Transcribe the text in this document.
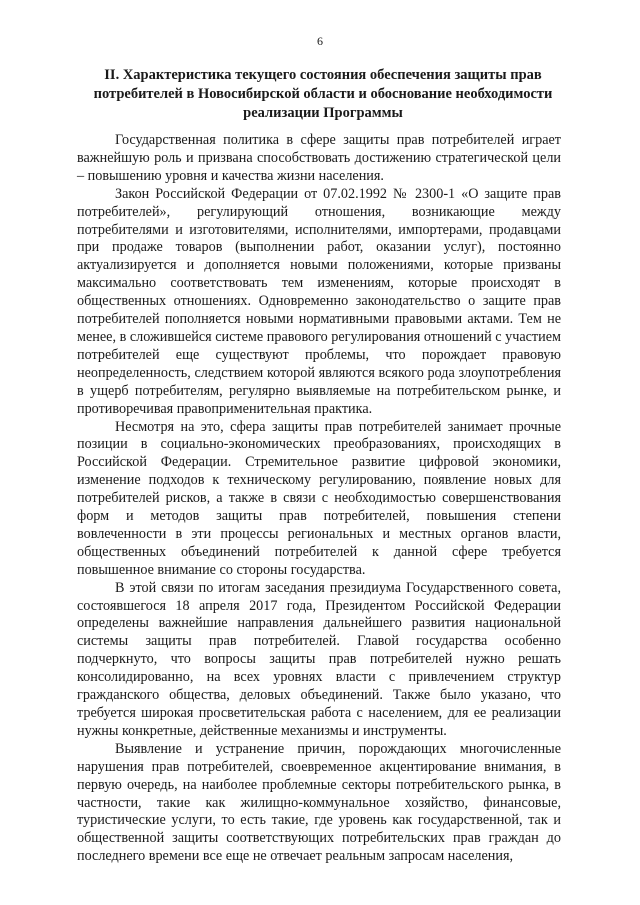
6
II. Характеристика текущего состояния обеспечения защиты прав потребителей в Новосибирской области и обоснование необходимости реализации Программы

Государственная политика в сфере защиты прав потребителей играет важнейшую роль и призвана способствовать достижению стратегической цели – повышению уровня и качества жизни населения.

Закон Российской Федерации от 07.02.1992 № 2300-1 «О защите прав потребителей», регулирующий отношения, возникающие между потребителями и изготовителями, исполнителями, импортерами, продавцами при продаже товаров (выполнении работ, оказании услуг), постоянно актуализируется и дополняется новыми положениями, которые призваны максимально соответствовать тем изменениям, которые происходят в общественных отношениях. Одновременно законодательство о защите прав потребителей пополняется новыми нормативными правовыми актами. Тем не менее, в сложившейся системе правового регулирования отношений с участием потребителей еще существуют проблемы, что порождает правовую неопределенность, следствием которой являются всякого рода злоупотребления в ущерб потребителям, регулярно выявляемые на потребительском рынке, и противоречивая правоприменительная практика.

Несмотря на это, сфера защиты прав потребителей занимает прочные позиции в социально-экономических преобразованиях, происходящих в Российской Федерации. Стремительное развитие цифровой экономики, изменение подходов к техническому регулированию, появление новых для потребителей рисков, а также в связи с необходимостью совершенствования форм и методов защиты прав потребителей, повышения степени вовлеченности в эти процессы региональных и местных органов власти, общественных объединений потребителей к данной сфере требуется повышенное внимание со стороны государства.

В этой связи по итогам заседания президиума Государственного совета, состоявшегося 18 апреля 2017 года, Президентом Российской Федерации определены важнейшие направления дальнейшего развития национальной системы защиты прав потребителей. Главой государства особенно подчеркнуто, что вопросы защиты прав потребителей нужно решать консолидированно, на всех уровнях власти с привлечением структур гражданского общества, деловых объединений. Также было указано, что требуется широкая просветительская работа с населением, для ее реализации нужны конкретные, действенные механизмы и инструменты.

Выявление и устранение причин, порождающих многочисленные нарушения прав потребителей, своевременное акцентирование внимания, в первую очередь, на наиболее проблемные секторы потребительского рынка, в частности, такие как жилищно-коммунальное хозяйство, финансовые, туристические услуги, то есть такие, где уровень как государственной, так и общественной защиты соответствующих потребительских прав граждан до последнего времени все еще не отвечает реальным запросам населения,
